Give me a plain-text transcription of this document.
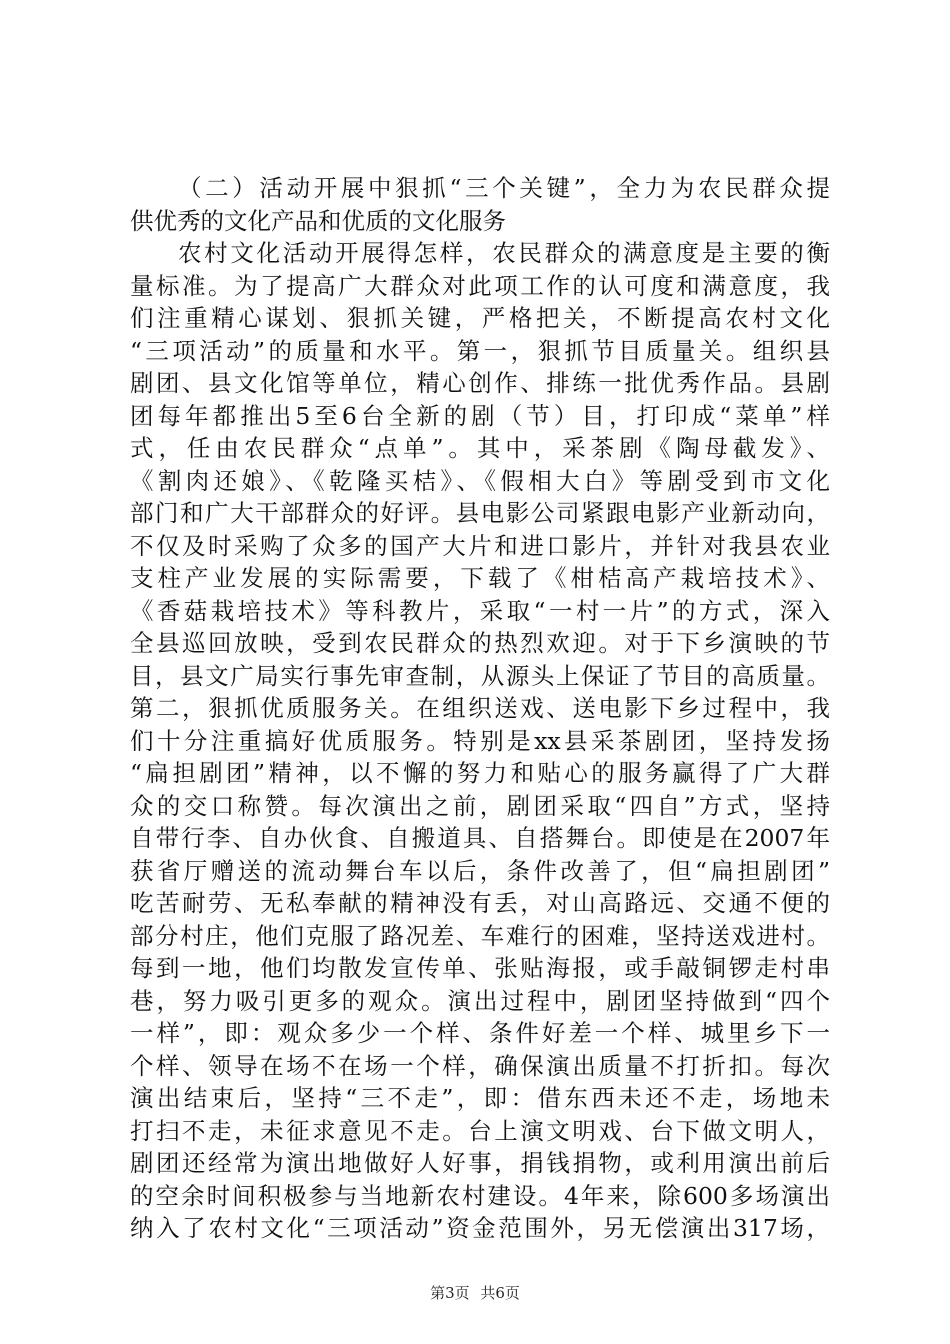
（二）活动开展中狠抓“三个关键”，全力为农民群众提
供优秀的文化产品和优质的文化服务
农村文化活动开展得怎样，农民群众的满意度是主要的衡
量标准。为了提高广大群众对此项工作的认可度和满意度，我
们注重精心谋划、狠抓关键，严格把关，不断提高农村文化
“三项活动”的质量和水平。第一，狠抓节目质量关。组织县
剧团、县文化馆等单位，精心创作、排练一批优秀作品。县剧
团每年都推出5至6台全新的剧（节）目，打印成“菜单”样
式，任由农民群众“点单”。其中，采茶剧《陶母截发》、
《割肉还娘》、《乾隆买桔》、《假相大白》等剧受到市文化
部门和广大干部群众的好评。县电影公司紧跟电影产业新动向，
不仅及时采购了众多的国产大片和进口影片，并针对我县农业
支柱产业发展的实际需要，下载了《柑桔高产栽培技术》、
《香菇栽培技术》等科教片，采取“一村一片”的方式，深入
全县巡回放映，受到农民群众的热烈欢迎。对于下乡演映的节
目，县文广局实行事先审查制，从源头上保证了节目的高质量。
第二，狠抓优质服务关。在组织送戏、送电影下乡过程中，我
们十分注重搞好优质服务。特别是xx县采茶剧团，坚持发扬
“扁担剧团”精神，以不懈的努力和贴心的服务赢得了广大群
众的交口称赞。每次演出之前，剧团采取“四自”方式，坚持
自带行李、自办伙食、自搬道具、自搭舞台。即使是在2007年
获省厅赠送的流动舞台车以后，条件改善了，但“扁担剧团”
吃苦耐劳、无私奉献的精神没有丢，对山高路远、交通不便的
部分村庄，他们克服了路况差、车难行的困难，坚持送戏进村。
每到一地，他们均散发宣传单、张贴海报，或手敲铜锣走村串
巷，努力吸引更多的观众。演出过程中，剧团坚持做到“四个
一样”，即：观众多少一个样、条件好差一个样、城里乡下一
个样、领导在场不在场一个样，确保演出质量不打折扣。每次
演出结束后，坚持“三不走”，即：借东西未还不走，场地未
打扫不走，未征求意见不走。台上演文明戏、台下做文明人，
剧团还经常为演出地做好人好事，捐钱捐物，或利用演出前后
的空余时间积极参与当地新农村建设。4年来，除600多场演出
纳入了农村文化“三项活动”资金范围外，另无偿演出317场，
第3页 共6页
